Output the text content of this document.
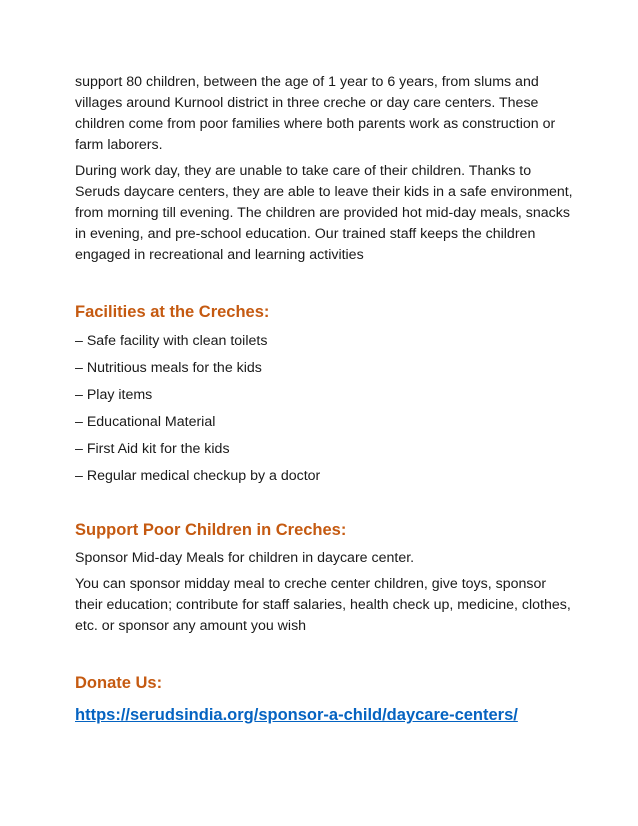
support 80 children, between the age of 1 year to 6 years, from slums and villages around Kurnool district in three creche or day care centers. These children come from poor families where both parents work as construction or farm laborers.

During work day, they are unable to take care of their children. Thanks to Seruds daycare centers, they are able to leave their kids in a safe environment, from morning till evening. The children are provided hot mid-day meals, snacks in evening, and pre-school education. Our trained staff keeps the children engaged in recreational and learning activities

Facilities at the Creches:

– Safe facility with clean toilets

– Nutritious meals for the kids

– Play items

– Educational Material

– First Aid kit for the kids

– Regular medical checkup by a doctor

Support Poor Children in Creches:

Sponsor Mid-day Meals for children in daycare center.

You can sponsor midday meal to creche center children, give toys, sponsor their education; contribute for staff salaries, health check up, medicine, clothes, etc. or sponsor any amount you wish

Donate Us:
https://serudsindia.org/sponsor-a-child/daycare-centers/
